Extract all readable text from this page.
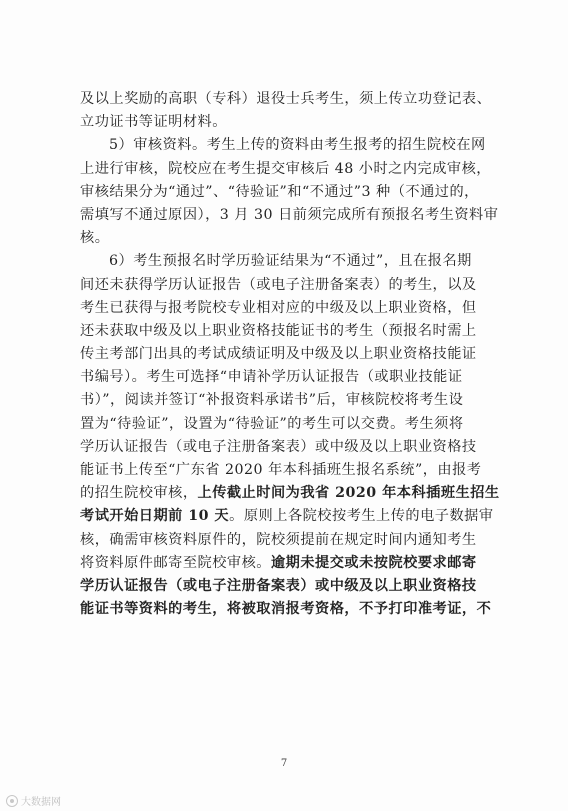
及以上奖励的高职（专科）退役士兵考生，须上传立功登记表、
立功证书等证明材料。
5）审核资料。考生上传的资料由考生报考的招生院校在网
上进行审核，院校应在考生提交审核后 48 小时之内完成审核，
审核结果分为“通过”、“待验证”和“不通过”3 种（不通过的，
需填写不通过原因），3 月 30 日前须完成所有预报名考生资料审
核。
6）考生预报名时学历验证结果为“不通过”，且在报名期
间还未获得学历认证报告（或电子注册备案表）的考生，以及
考生已获得与报考院校专业相对应的中级及以上职业资格，但
还未获取中级及以上职业资格技能证书的考生（预报名时需上
传主考部门出具的考试成绩证明及中级及以上职业资格技能证
书编号）。考生可选择“申请补学历认证报告（或职业技能证
书）”，阅读并签订“补报资料承诺书”后，审核院校将考生设
置为“待验证”，设置为“待验证”的考生可以交费。考生须将
学历认证报告（或电子注册备案表）或中级及以上职业资格技
能证书上传至“广东省 2020 年本科插班生报名系统”，由报考
的招生院校审核，上传截止时间为我省 2020 年本科插班生招生
考试开始日期前 10 天。原则上各院校按考生上传的电子数据审
核，确需审核资料原件的，院校须提前在规定时间内通知考生
将资料原件邮寄至院校审核。逾期未提交或未按院校要求邮寄
学历认证报告（或电子注册备案表）或中级及以上职业资格技
能证书等资料的考生，将被取消报考资格，不予打印准考证，不
7
大数据网
